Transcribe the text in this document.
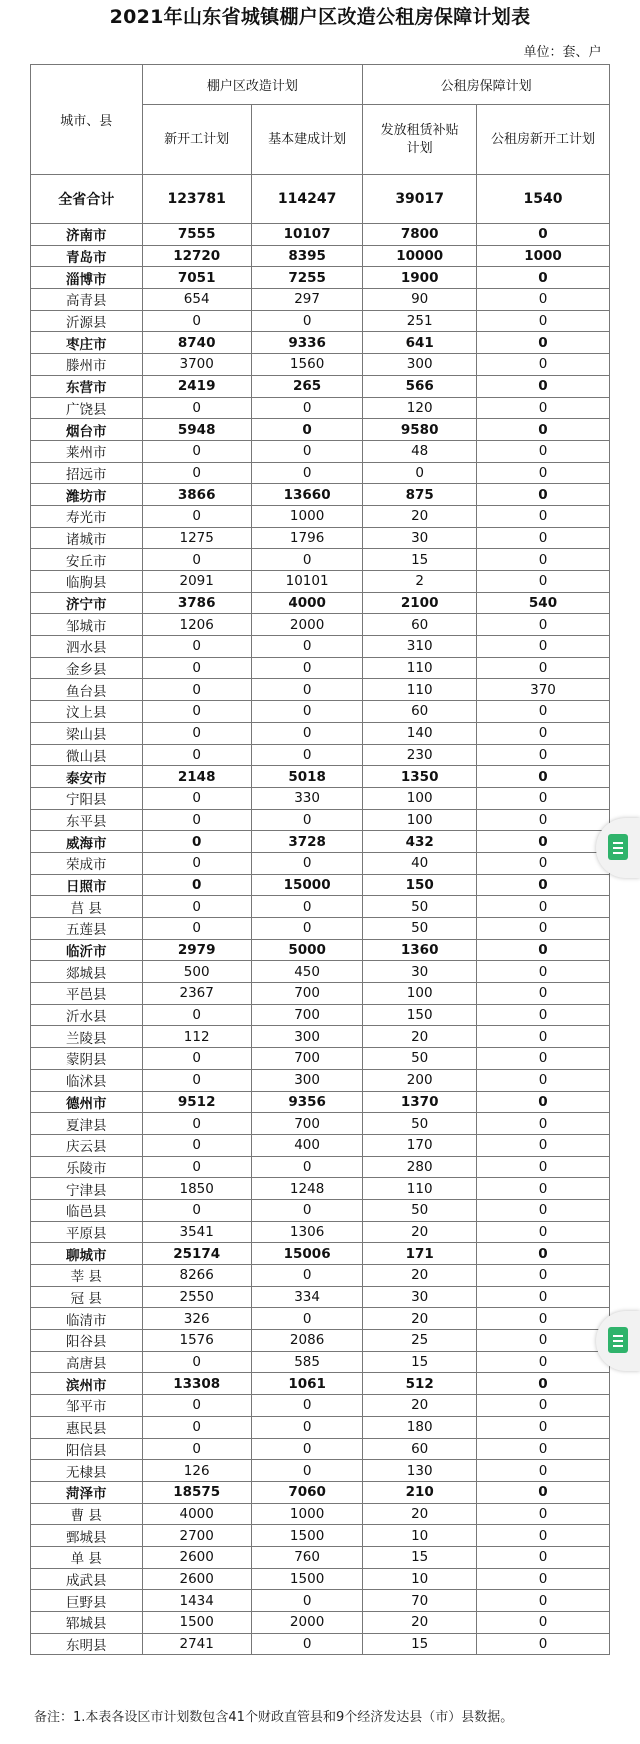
2021年山东省城镇棚户区改造公租房保障计划表
				单位：套、户
城市、县	棚户区改造计划		公租房保障计划	
	新开工计划	基本建成计划	发放租赁补贴计划	公租房新开工计划
全省合计	123781	114247	39017	1540
济南市	7555	10107	7800	0
青岛市	12720	8395	10000	1000
淄博市	7051	7255	1900	0
高青县	654	297	90	0
沂源县	0	0	251	0
枣庄市	8740	9336	641	0
滕州市	3700	1560	300	0
东营市	2419	265	566	0
广饶县	0	0	120	0
烟台市	5948	0	9580	0
莱州市	0	0	48	0
招远市	0	0	0	0
潍坊市	3866	13660	875	0
寿光市	0	1000	20	0
诸城市	1275	1796	30	0
安丘市	0	0	15	0
临朐县	2091	10101	2	0
济宁市	3786	4000	2100	540
邹城市	1206	2000	60	0
泗水县	0	0	310	0
金乡县	0	0	110	0
鱼台县	0	0	110	370
汶上县	0	0	60	0
梁山县	0	0	140	0
微山县	0	0	230	0
泰安市	2148	5018	1350	0
宁阳县	0	330	100	0
东平县	0	0	100	0
威海市	0	3728	432	0
荣成市	0	0	40	0
日照市	0	15000	150	0
莒 县	0	0	50	0
五莲县	0	0	50	0
临沂市	2979	5000	1360	0
郯城县	500	450	30	0
平邑县	2367	700	100	0
沂水县	0	700	150	0
兰陵县	112	300	20	0
蒙阴县	0	700	50	0
临沭县	0	300	200	0
德州市	9512	9356	1370	0
夏津县	0	700	50	0
庆云县	0	400	170	0
乐陵市	0	0	280	0
宁津县	1850	1248	110	0
临邑县	0	0	50	0
平原县	3541	1306	20	0
聊城市	25174	15006	171	0
莘 县	8266	0	20	0
冠 县	2550	334	30	0
临清市	326	0	20	0
阳谷县	1576	2086	25	0
高唐县	0	585	15	0
滨州市	13308	1061	512	0
邹平市	0	0	20	0
惠民县	0	0	180	0
阳信县	0	0	60	0
无棣县	126	0	130	0
菏泽市	18575	7060	210	0
曹 县	4000	1000	20	0
鄄城县	2700	1500	10	0
单 县	2600	760	15	0
成武县	2600	1500	10	0
巨野县	1434	0	70	0
郓城县	1500	2000	20	0
东明县	2741	0	15	0
备注：1.本表各设区市计划数包含41个财政直管县和9个经济发达县（市）县数据。
